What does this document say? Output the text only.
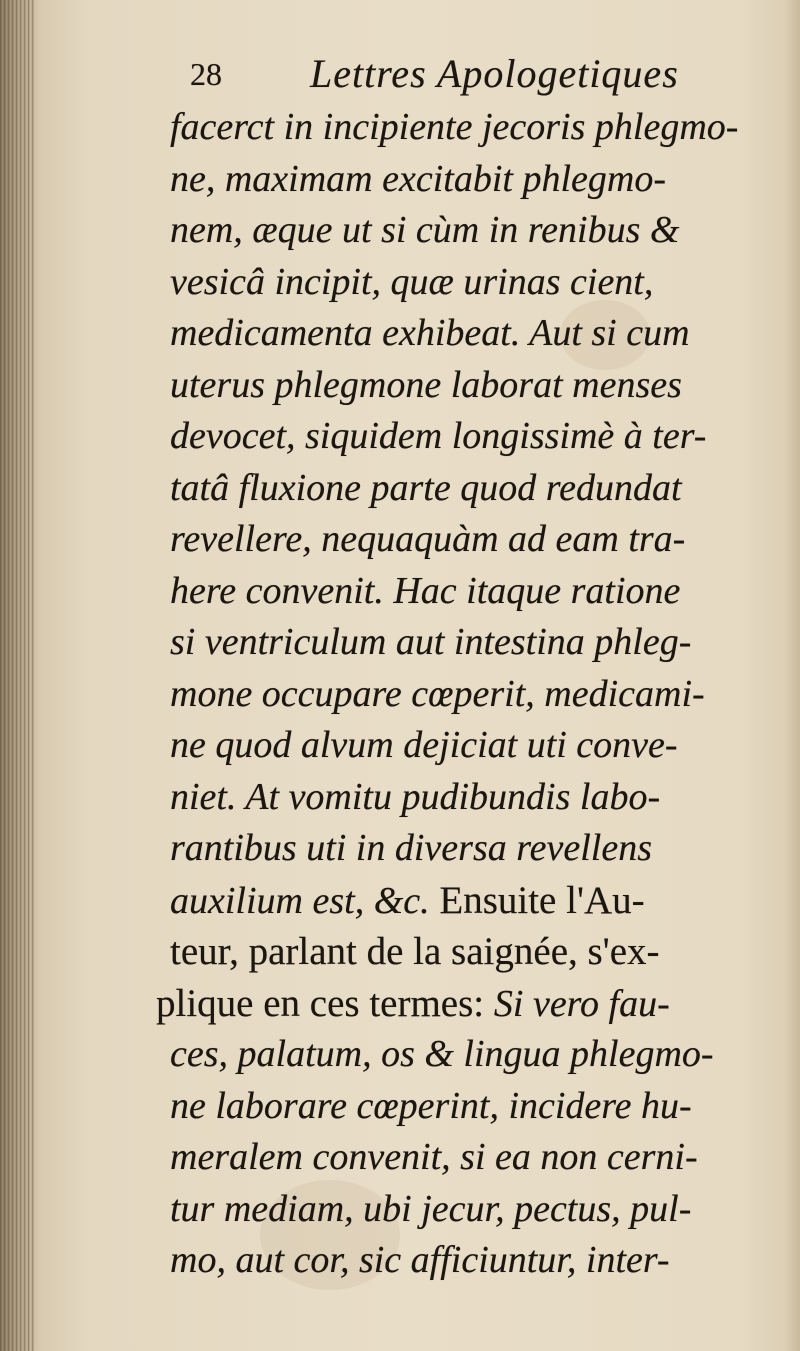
28 Lettres Apologetiques
facerct in incipiente jecoris phlegmo-
ne, maximam excitabit phlegmo-
nem, æque ut si cùm in renibus &
vesicâ incipit, quæ urinas cient,
medicamenta exhibeat. Aut si cum
uterus phlegmone laborat menses
devocet, siquidem longissimè à ter-
tatâ fluxione parte quod redundat
revellere, nequaquàm ad eam tra-
here convenit. Hac itaque ratione
si ventriculum aut intestina phleg-
mone occupare cœperit, medicami-
ne quod alvum dejiciat uti conve-
niet. At vomitu pudibundis labo-
rantibus uti in diversa revellens
auxilium est, &c. Ensuite l'Au-
teur, parlant de la saignée, s'ex-
plique en ces termes: Si vero fau-
ces, palatum, os & lingua phlegmo-
ne laborare cœperint, incidere hu-
meralem convenit, si ea non cerni-
tur mediam, ubi jecur, pectus, pul-
mo, aut cor, sic afficiuntur, inter-
